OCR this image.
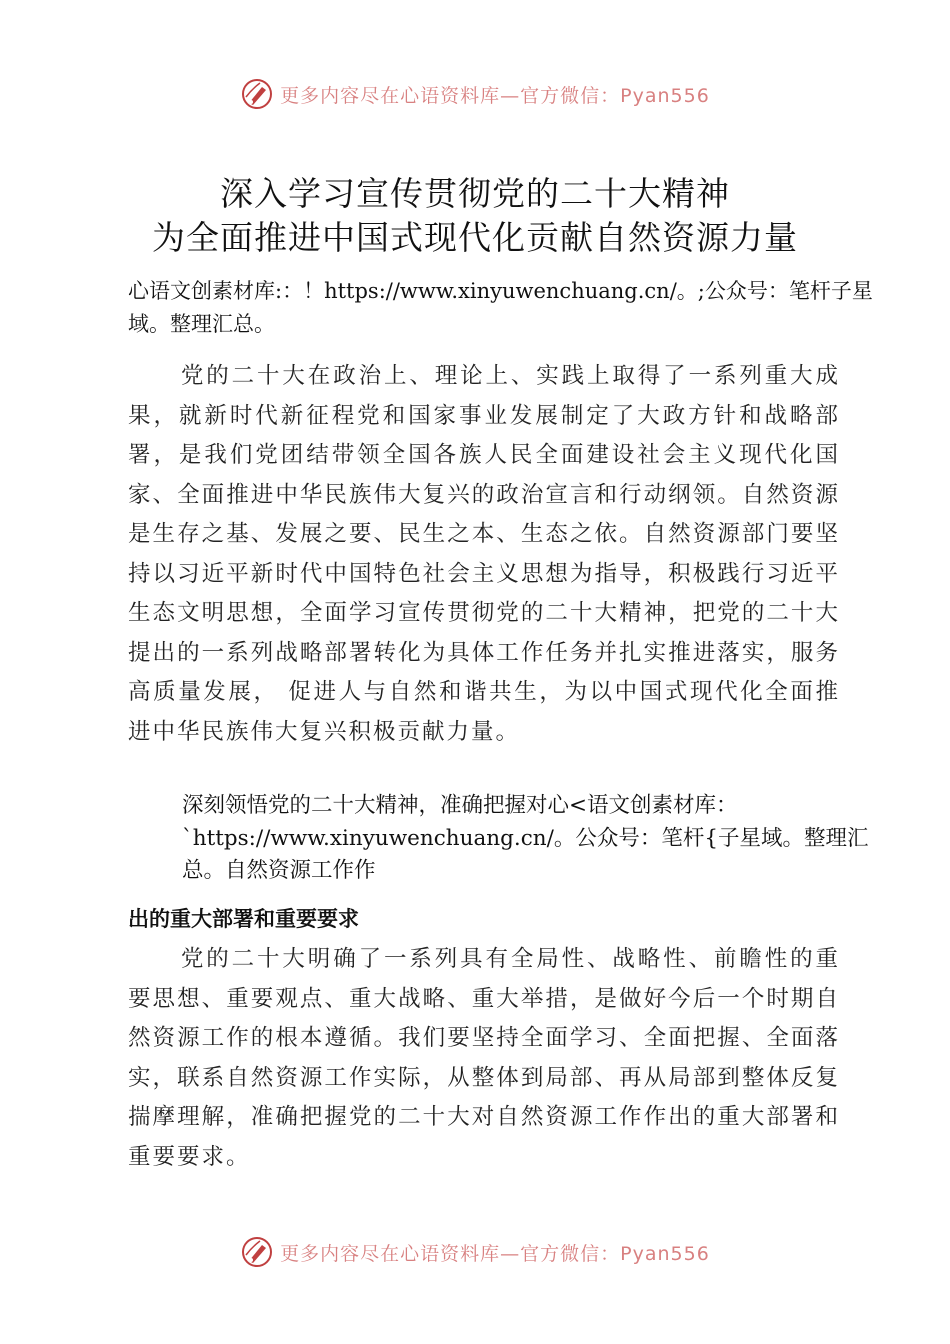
更多内容尽在心语资料库—官方微信：Pyan556
深入学习宣传贯彻党的二十大精神
为全面推进中国式现代化贡献自然资源力量
心语文创素材库:：！https://www.xinyuwenchuang.cn/。;公众号：笔杆子星域。整理汇总。
党的二十大在政治上、理论上、实践上取得了一系列重大成果，就新时代新征程党和国家事业发展制定了大政方针和战略部署，是我们党团结带领全国各族人民全面建设社会主义现代化国家、全面推进中华民族伟大复兴的政治宣言和行动纲领。自然资源是生存之基、发展之要、民生之本、生态之依。自然资源部门要坚持以习近平新时代中国特色社会主义思想为指导，积极践行习近平生态文明思想，全面学习宣传贯彻党的二十大精神，把党的二十大提出的一系列战略部署转化为具体工作任务并扎实推进落实，服务高质量发展， 促进人与自然和谐共生，为以中国式现代化全面推进中华民族伟大复兴积极贡献力量。
深刻领悟党的二十大精神，准确把握对心<语文创素材库：`https://www.xinyuwenchuang.cn/。公众号：笔杆{子星域。整理汇总。自然资源工作作
出的重大部署和重要要求
党的二十大明确了一系列具有全局性、战略性、前瞻性的重要思想、重要观点、重大战略、重大举措，是做好今后一个时期自然资源工作的根本遵循。我们要坚持全面学习、全面把握、全面落实，联系自然资源工作实际，从整体到局部、再从局部到整体反复揣摩理解，准确把握党的二十大对自然资源工作作出的重大部署和重要要求。
更多内容尽在心语资料库—官方微信：Pyan556
